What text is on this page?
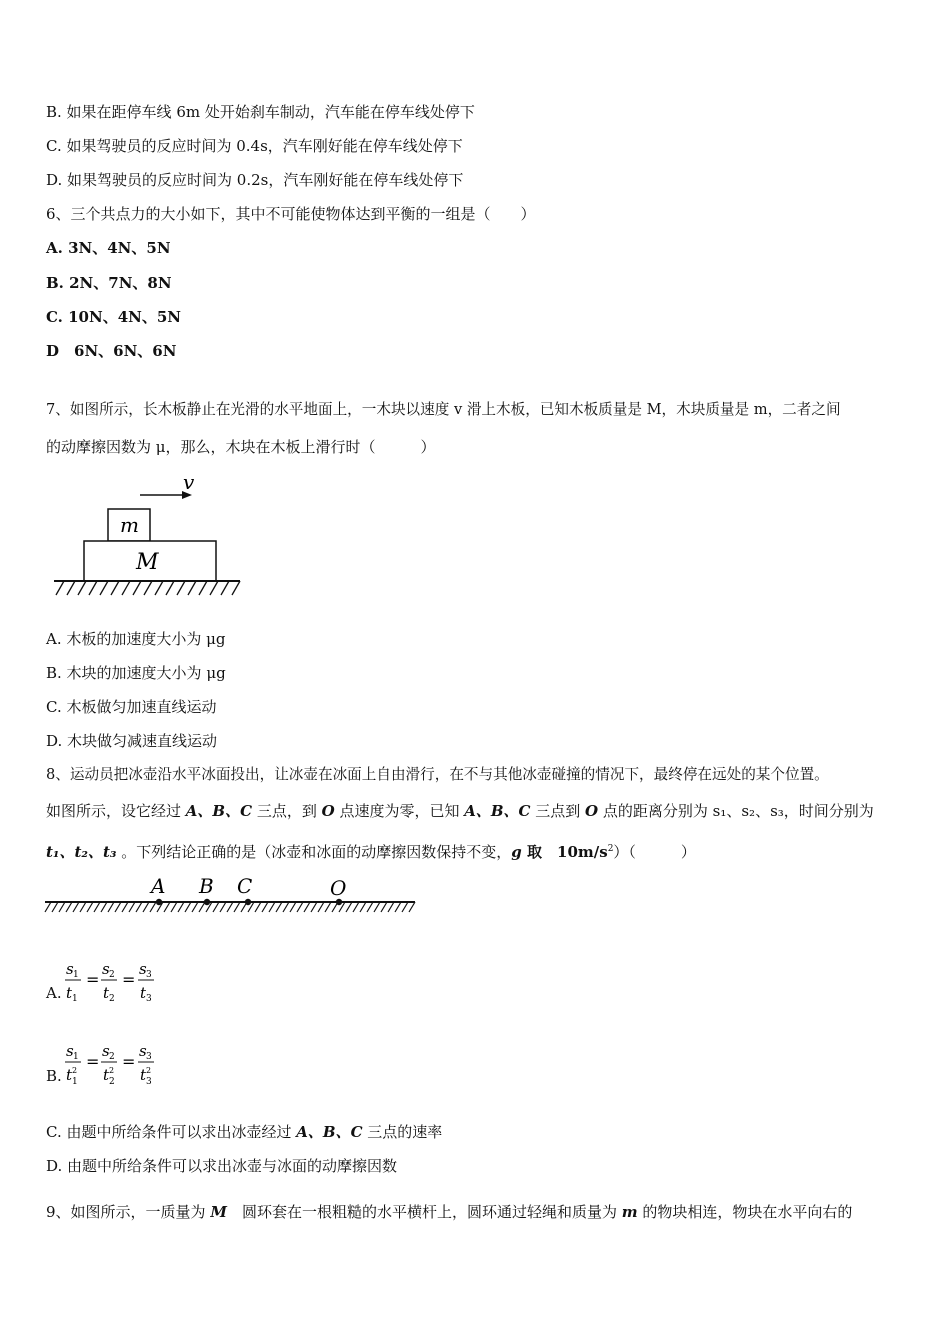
B. 如果在距停车线 6m 处开始刹车制动，汽车能在停车线处停下
C. 如果驾驶员的反应时间为 0.4s，汽车刚好能在停车线处停下
D. 如果驾驶员的反应时间为 0.2s，汽车刚好能在停车线处停下
6、三个共点力的大小如下，其中不可能使物体达到平衡的一组是（　　）
A. 3N、4N、5N
B. 2N、7N、8N
C. 10N、4N、5N
D　6N、6N、6N
7、如图所示，长木板静止在光滑的水平地面上，一木块以速度 v 滑上木板，已知木板质量是 M，木块质量是 m，二者之间
的动摩擦因数为 μ，那么，木块在木板上滑行时（　　　）
v
m
M
A. 木板的加速度大小为 μg
B. 木块的加速度大小为 μg
C. 木板做匀加速直线运动
D. 木块做匀减速直线运动
8、运动员把冰壶沿水平冰面投出，让冰壶在冰面上自由滑行，在不与其他冰壶碰撞的情况下，最终停在远处的某个位置。
如图所示，设它经过 A、B、C 三点，到 O 点速度为零，已知 A、B、C 三点到 O 点的距离分别为 s₁、s₂、s₃，时间分别为
t₁、t₂、t₃ 。下列结论正确的是（冰壶和冰面的动摩擦因数保持不变，g 取　$10m/s^2$）（　　　）
A B C	O
A.
s 1
t 1
=
s 2
t 2
=
s 3
t 3
B.
s 1
t 2
1
=
s 2
t 2
2
=
s 3
t 2
3
C. 由题中所给条件可以求出冰壶经过 A、B、C 三点的速率
D. 由题中所给条件可以求出冰壶与冰面的动摩擦因数
9、如图所示，一质量为 M　圆环套在一根粗糙的水平横杆上，圆环通过轻绳和质量为 m 的物块相连，物块在水平向右的
